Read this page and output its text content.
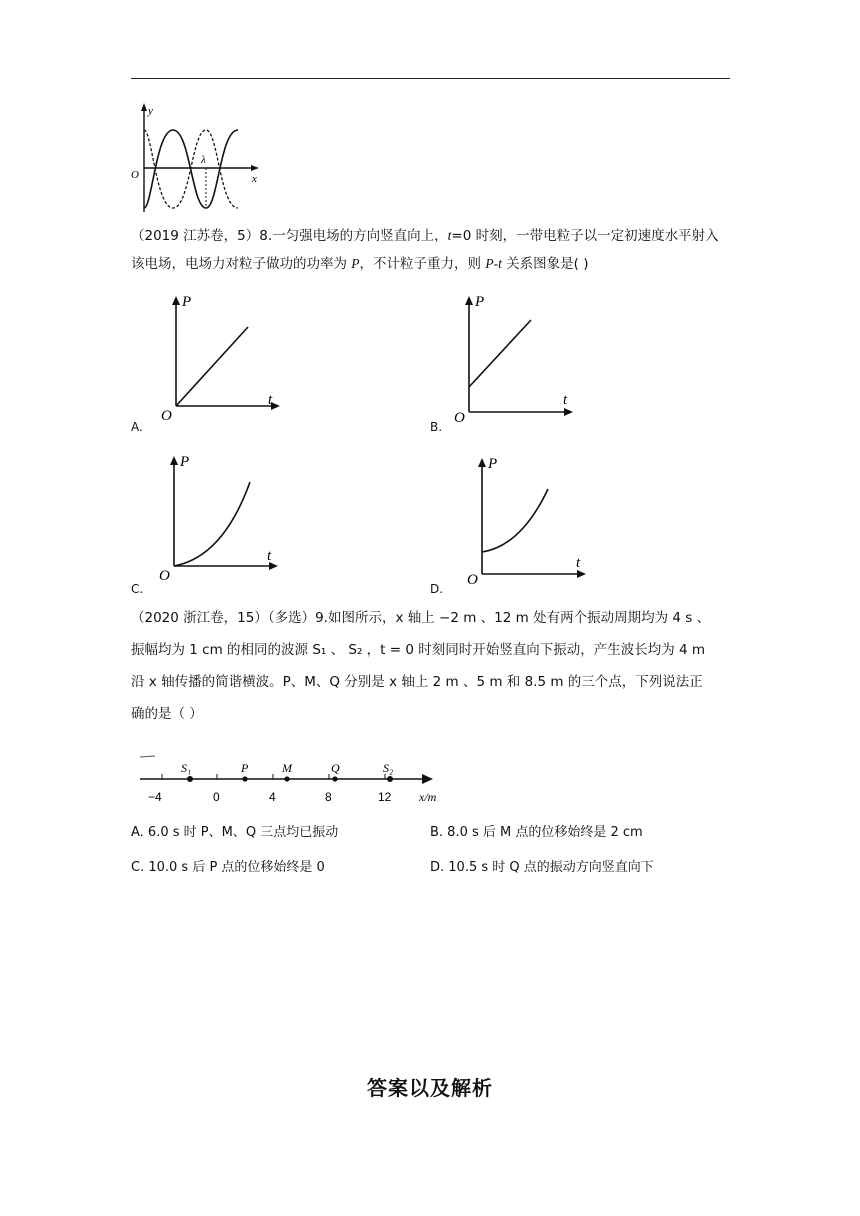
y
x
O
λ
（2019 江苏卷，5）8.一匀强电场的方向竖直向上，t=0 时刻，一带电粒子以一定初速度水平射入该电场，电场力对粒子做功的功率为 P，不计粒子重力，则 P-t 关系图象是( )
P
t
O
A.
P
t
O
B.
P
t
O
C.
P
t
O
D.
（2020 浙江卷，15）（多选）9.如图所示，x 轴上 −2 m 、12 m 处有两个振动周期均为 4 s 、
振幅均为 1 cm 的相同的波源 S₁ 、 S₂ ，t = 0 时刻同时开始竖直向下振动，产生波长均为 4 m
沿 x 轴传播的简谐横波。P、M、Q 分别是 x 轴上 2 m 、5 m 和 8.5 m 的三个点，下列说法正
确的是（ ）
S₁	P	M	Q	S₂
−4	0	4	8	12 x/m
A. 6.0 s 时 P、M、Q 三点均已振动	B. 8.0 s 后 M 点的位移始终是 2 cm
C. 10.0 s 后 P 点的位移始终是 0	D. 10.5 s 时 Q 点的振动方向竖直向下
答案以及解析
